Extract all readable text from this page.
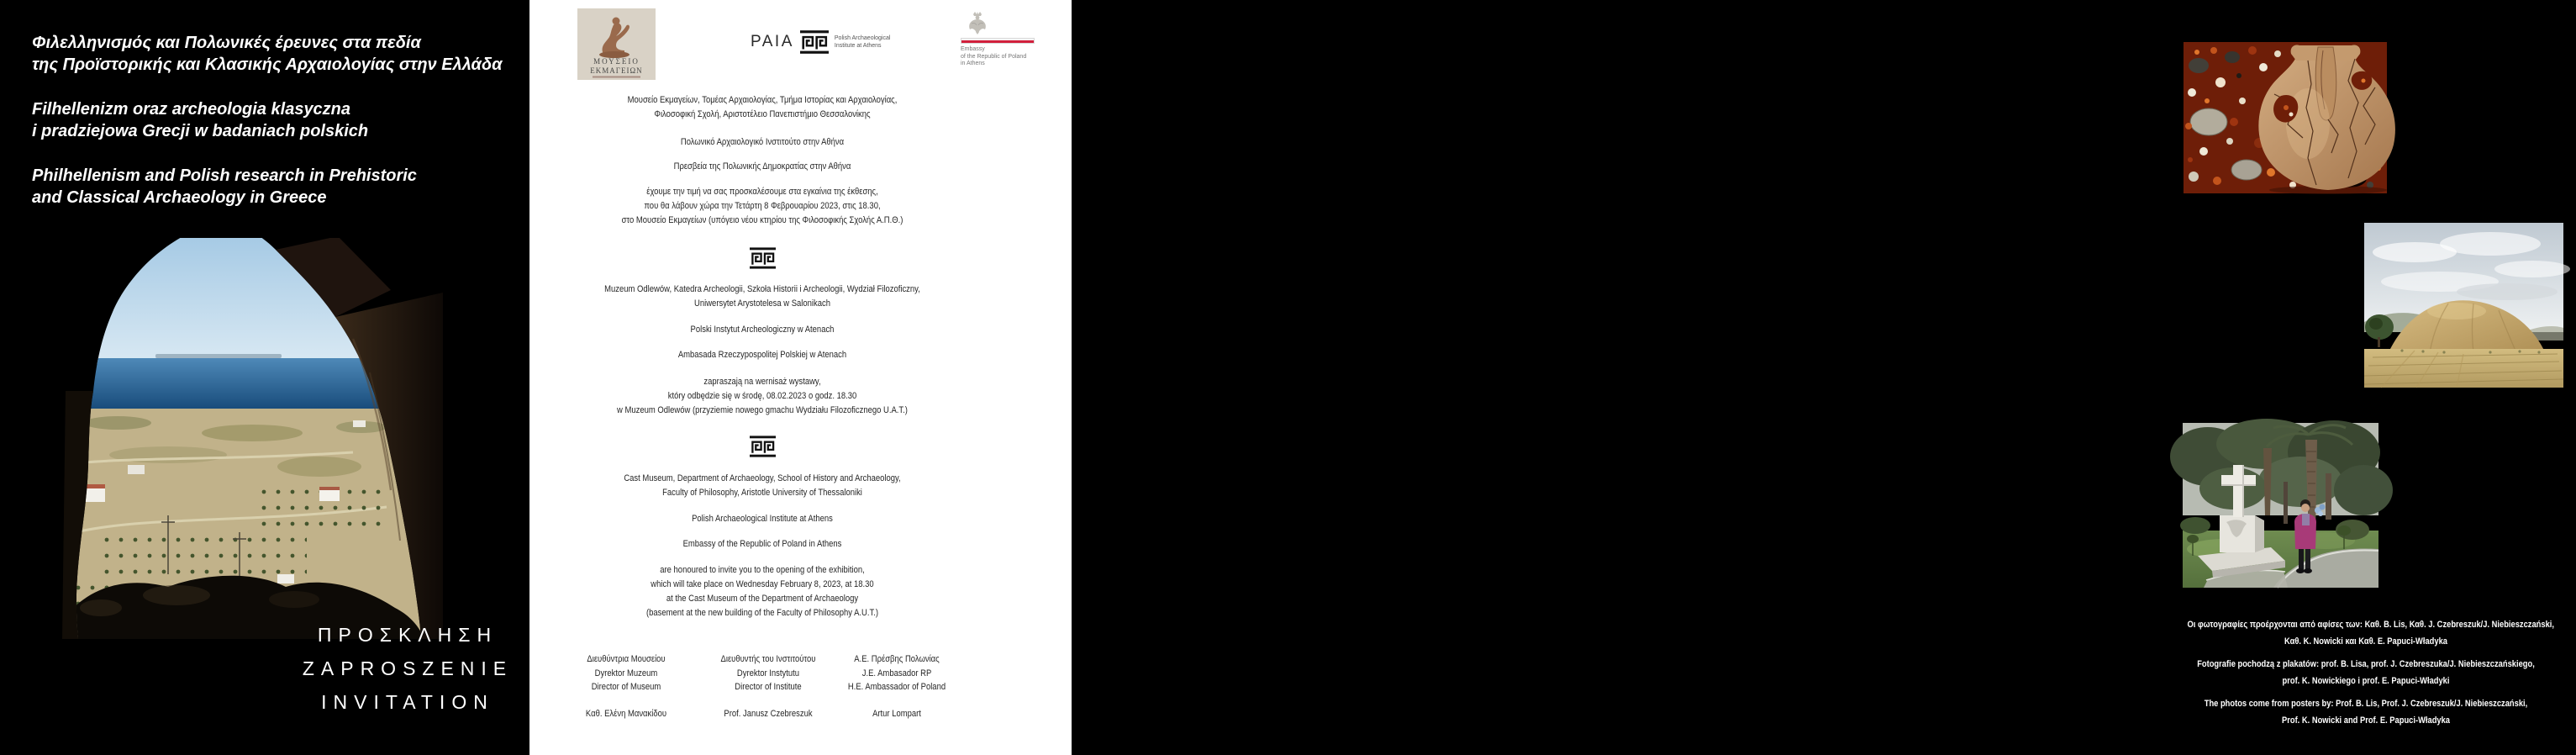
Φιλελληνισμός και Πολωνικές έρευνες στα πεδία
της Προϊστορικής και Κλασικής Αρχαιολογίας στην Ελλάδα
Filhellenizm oraz archeologia klasyczna
i pradziejowa Grecji w badaniach polskich
Philhellenism and Polish research in Prehistoric
and Classical Archaeology in Greece
ΠΡΟΣΚΛΗΣΗ
ZAPROSZENIE
INVITATION
ΜΟΥΣΕΙΟ
ΕΚΜΑΓΕΙΩΝ
PAIA	Polish Archaeological
Institute at Athens
Embassy
of the Republic of Poland
in Athens
Μουσείο Εκμαγείων, Τομέας Αρχαιολογίας, Τμήμα Ιστορίας και Αρχαιολογίας,
Φιλοσοφική Σχολή, Αριστοτέλειο Πανεπιστήμιο Θεσσαλονίκης
Πολωνικό Αρχαιολογικό Ινστιτούτο στην Αθήνα
Πρεσβεία της Πολωνικής Δημοκρατίας στην Αθήνα
έχουμε την τιμή να σας προσκαλέσουμε στα εγκαίνια της έκθεσης,
που θα λάβουν χώρα την Τετάρτη 8 Φεβρουαρίου 2023, στις 18.30,
στο Μουσείο Εκμαγείων (υπόγειο νέου κτηρίου της Φιλοσοφικής Σχολής Α.Π.Θ.)
Muzeum Odlewów, Katedra Archeologii, Szkoła Historii i Archeologii, Wydział Filozoficzny,
Uniwersytet Arystotelesa w Salonikach
Polski Instytut Archeologiczny w Atenach
Ambasada Rzeczypospolitej Polskiej w Atenach
zapraszają na wernisaż wystawy,
który odbędzie się w środę, 08.02.2023 o godz. 18.30
w Muzeum Odlewów (przyziemie nowego gmachu Wydziału Filozoficznego U.A.T.)
Cast Museum, Department of Archaeology, School of History and Archaeology,
Faculty of Philosophy, Aristotle University of Thessaloniki
Polish Archaeological Institute at Athens
Embassy of the Republic of Poland in Athens
are honoured to invite you to the opening of the exhibition,
which will take place on Wednesday February 8, 2023, at 18.30
at the Cast Museum of the Department of Archaeology
(basement at the new building of the Faculty of Philosophy A.U.T.)
Διευθύντρια Μουσείου
Dyrektor Muzeum
Director of Museum
Καθ. Ελένη Μανακίδου
Διευθυντής του Ινστιτούτου
Dyrektor Instytutu
Director of Institute
Prof. Janusz Czebreszuk
Α.Ε. Πρέσβης Πολωνίας
J.E. Ambasador RP
H.E. Ambassador of Poland
Artur Lompart
Οι φωτογραφίες προέρχονται από αφίσες των: Καθ. B. Lis, Καθ. J. Czebreszuk/J. Niebieszczański,
Καθ. K. Nowicki και Καθ. E. Papuci-Władyka
Fotografie pochodzą z plakatów: prof. B. Lisa, prof. J. Czebreszuka/J. Niebieszczańskiego,
prof. K. Nowickiego i prof. E. Papuci-Władyki
The photos come from posters by: Prof. B. Lis, Prof. J. Czebreszuk/J. Niebieszczański,
Prof. K. Nowicki and Prof. E. Papuci-Władyka
